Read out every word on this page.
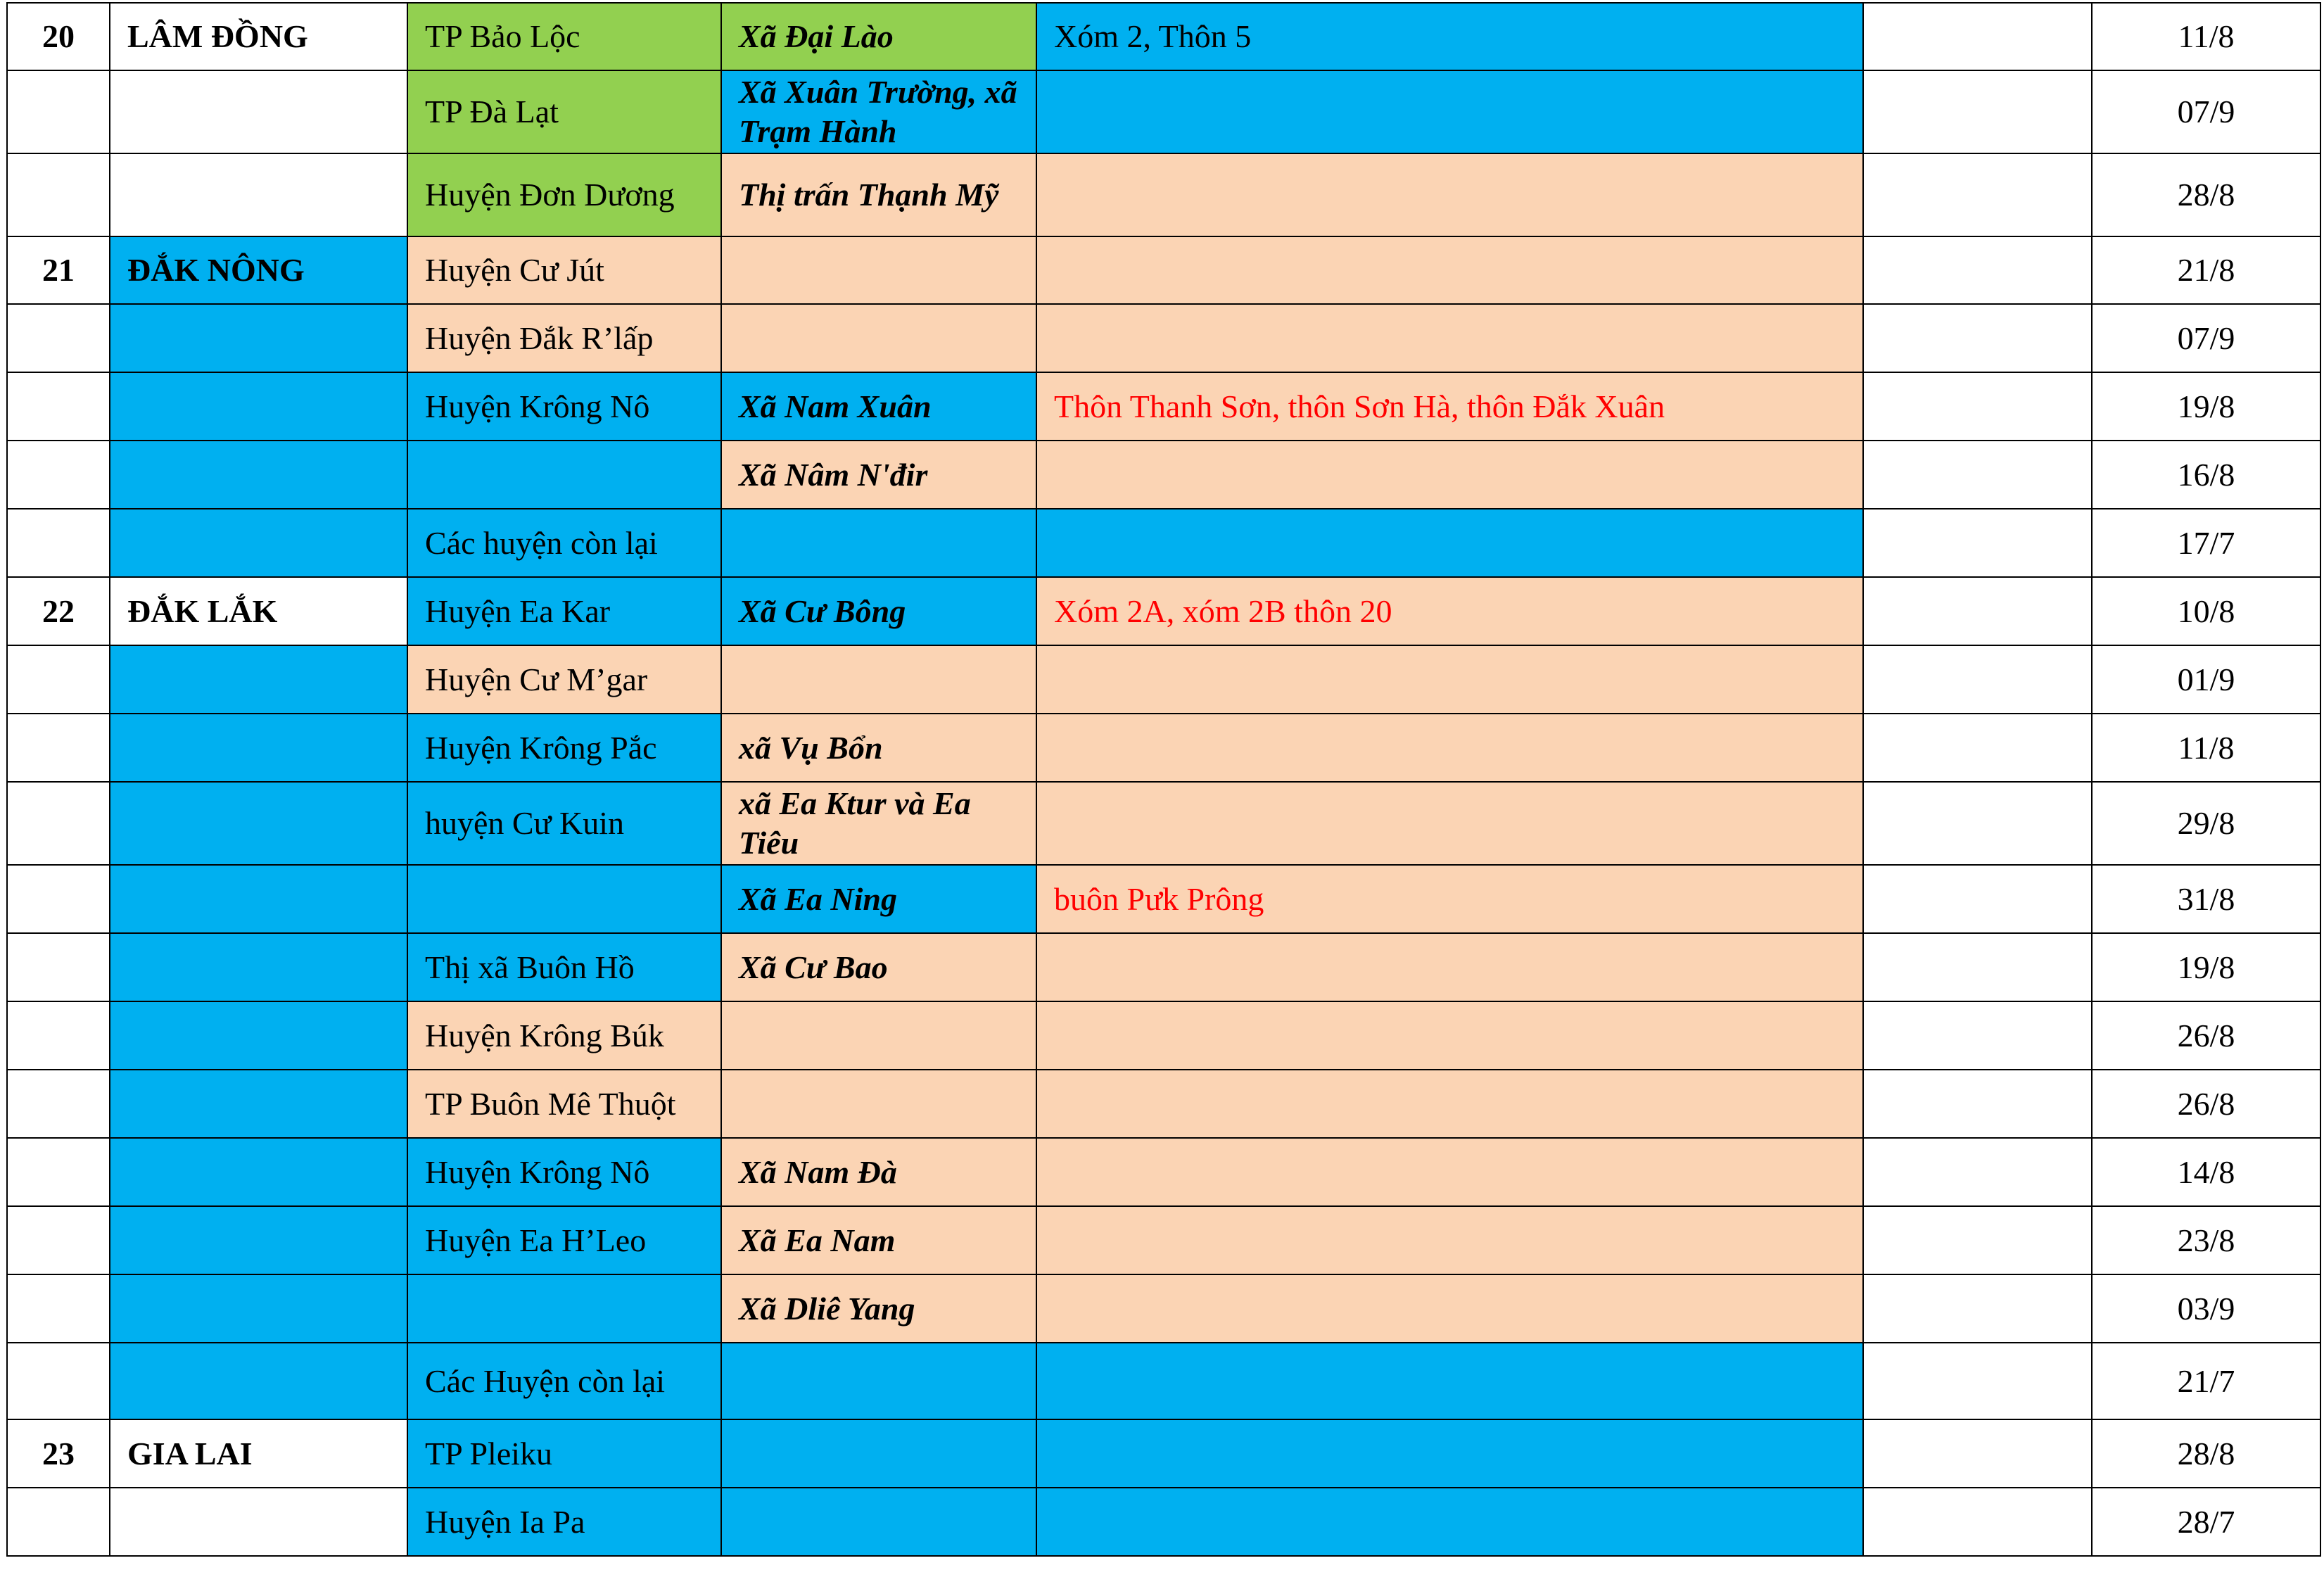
20	LÂM ĐỒNG	TP Bảo Lộc	Xã Đại Lào	Xóm 2, Thôn 5		11/8
		TP Đà Lạt	Xã Xuân Trường, xã Trạm Hành			07/9
		Huyện Đơn Dương	Thị trấn Thạnh Mỹ			28/8
21	ĐẮK NÔNG	Huyện Cư Jút				21/8
		Huyện Đắk R’lấp				07/9
		Huyện Krông Nô	Xã Nam Xuân	Thôn Thanh Sơn, thôn Sơn Hà, thôn Đắk Xuân		19/8
			Xã Nâm N'đir			16/8
		Các huyện còn lại				17/7
22	ĐẮK LẮK	Huyện Ea Kar	Xã Cư Bông	Xóm 2A, xóm 2B thôn 20		10/8
		Huyện Cư M’gar				01/9
		Huyện Krông Pắc	xã Vụ Bổn			11/8
		huyện Cư Kuin	xã Ea Ktur và Ea Tiêu			29/8
			Xã Ea Ning	buôn Pưk Prông		31/8
		Thị xã Buôn Hồ	Xã Cư Bao			19/8
		Huyện Krông Búk				26/8
		TP Buôn Mê Thuột				26/8
		Huyện Krông Nô	Xã Nam Đà			14/8
		Huyện Ea H’Leo	Xã Ea Nam			23/8
			Xã Dliê Yang			03/9
		Các Huyện còn lại				21/7
23	GIA LAI	TP Pleiku				28/8
		Huyện Ia Pa				28/7
